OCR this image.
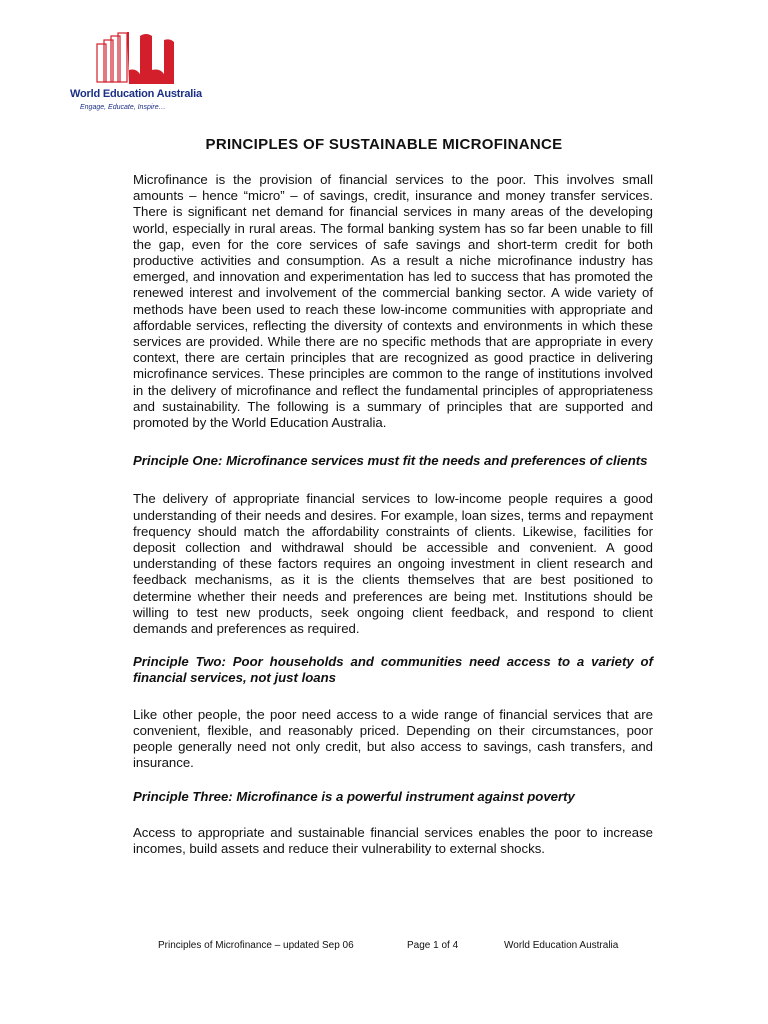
World Education Australia
Engage, Educate, Inspire…
PRINCIPLES OF SUSTAINABLE MICROFINANCE

Microfinance is the provision of financial services to the poor. This involves small amounts – hence “micro” – of savings, credit, insurance and money transfer services. There is significant net demand for financial services in many areas of the developing world, especially in rural areas. The formal banking system has so far been unable to fill the gap, even for the core services of safe savings and short-term credit for both productive activities and consumption. As a result a niche microfinance industry has emerged, and innovation and experimentation has led to success that has promoted the renewed interest and involvement of the commercial banking sector. A wide variety of methods have been used to reach these low-income communities with appropriate and affordable services, reflecting the diversity of contexts and environments in which these services are provided. While there are no specific methods that are appropriate in every context, there are certain principles that are recognized as good practice in delivering microfinance services. These principles are common to the range of institutions involved in the delivery of microfinance and reflect the fundamental principles of appropriateness and sustainability. The following is a summary of principles that are supported and promoted by the World Education Australia.

Principle One: Microfinance services must fit the needs and preferences of clients

The delivery of appropriate financial services to low-income people requires a good understanding of their needs and desires. For example, loan sizes, terms and repayment frequency should match the affordability constraints of clients. Likewise, facilities for deposit collection and withdrawal should be accessible and convenient. A good understanding of these factors requires an ongoing investment in client research and feedback mechanisms, as it is the clients themselves that are best positioned to determine whether their needs and preferences are being met. Institutions should be willing to test new products, seek ongoing client feedback, and respond to client demands and preferences as required.

Principle Two: Poor households and communities need access to a variety of financial services, not just loans

Like other people, the poor need access to a wide range of financial services that are convenient, flexible, and reasonably priced. Depending on their circumstances, poor people generally need not only credit, but also access to savings, cash transfers, and insurance.

Principle Three: Microfinance is a powerful instrument against poverty

Access to appropriate and sustainable financial services enables the poor to increase incomes, build assets and reduce their vulnerability to external shocks.

Principles of Microfinance – updated Sep 06	Page 1 of 4	World Education Australia
